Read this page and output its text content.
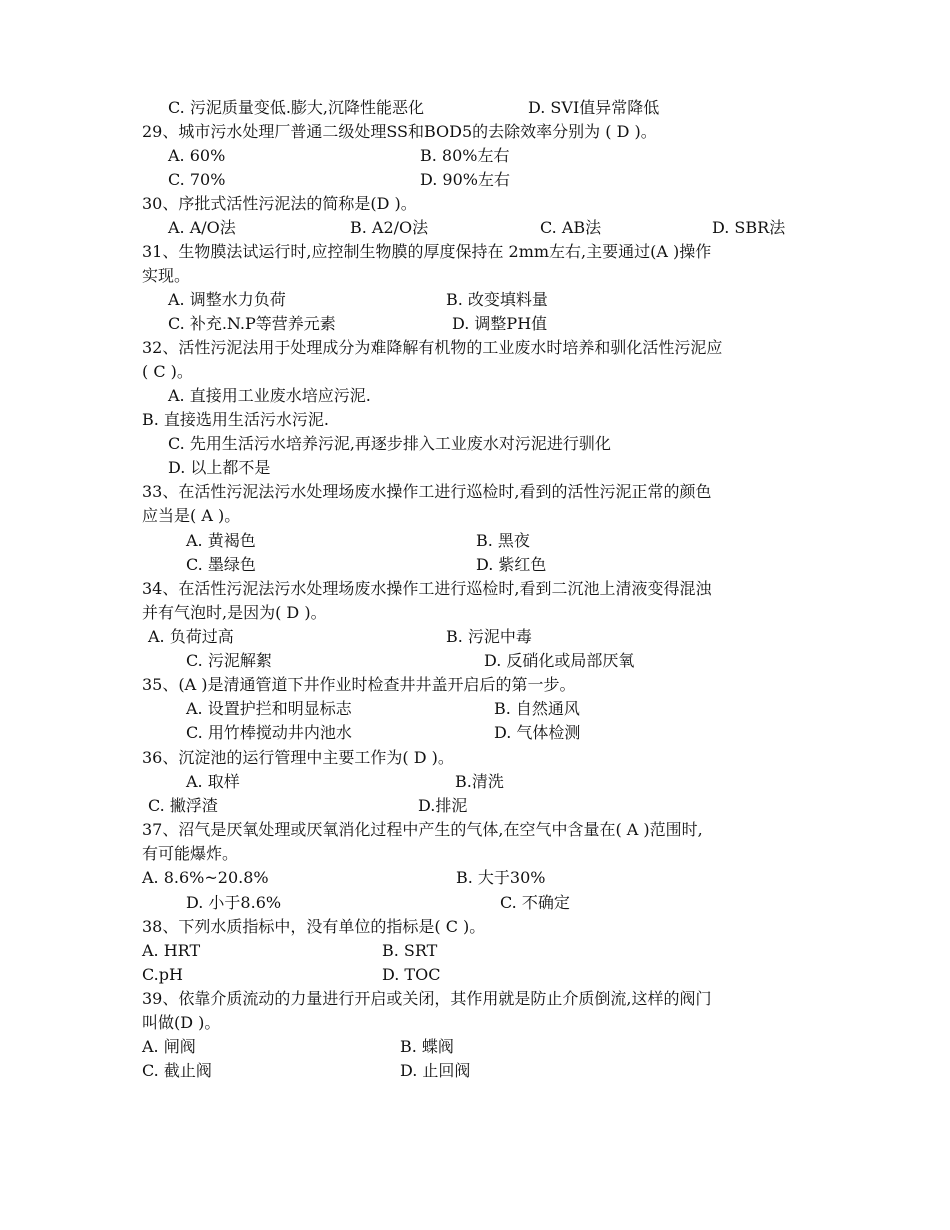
C. 污泥质量变低.膨大,沉降性能恶化	D. SVI值异常降低
29、城市污水处理厂普通二级处理SS和BOD5的去除效率分别为 ( D )。
A. 60%	B. 80%左右
C. 70%	D. 90%左右
30、序批式活性污泥法的简称是(D )。
A. A/O法	B. A2/O法	C. AB法	D. SBR法
31、生物膜法试运行时,应控制生物膜的厚度保持在 2mm左右,主要通过(A )操作
实现。
A. 调整水力负荷	B. 改变填料量
C. 补充.N.P等营养元素	D. 调整PH值
32、活性污泥法用于处理成分为难降解有机物的工业废水时培养和驯化活性污泥应
( C )。
A. 直接用工业废水培应污泥.
B. 直接选用生活污水污泥.
C. 先用生活污水培养污泥,再逐步排入工业废水对污泥进行驯化
D. 以上都不是
33、在活性污泥法污水处理场废水操作工进行巡检时,看到的活性污泥正常的颜色
应当是( A )。
A. 黄褐色	B. 黑夜
C. 墨绿色	D. 紫红色
34、在活性污泥法污水处理场废水操作工进行巡检时,看到二沉池上清液变得混浊
并有气泡时,是因为( D )。
A. 负荷过高	B. 污泥中毒
C. 污泥解絮	D. 反硝化或局部厌氧
35、(A )是清通管道下井作业时检查井井盖开启后的第一步。
A. 设置护拦和明显标志	B. 自然通风
C. 用竹棒搅动井内池水	D. 气体检测
36、沉淀池的运行管理中主要工作为( D )。
A. 取样	B.清洗
C. 撇浮渣	D.排泥
37、沼气是厌氧处理或厌氧消化过程中产生的气体,在空气中含量在( A )范围时,
有可能爆炸。
A. 8.6%~20.8%	B. 大于30%
D. 小于8.6%	C. 不确定
38、下列水质指标中，没有单位的指标是( C )。
A. HRT	B. SRT
C.pH	D. TOC
39、依靠介质流动的力量进行开启或关闭，其作用就是防止介质倒流,这样的阀门
叫做(D )。
A. 闸阀	B. 蝶阀
C. 截止阀	D. 止回阀
